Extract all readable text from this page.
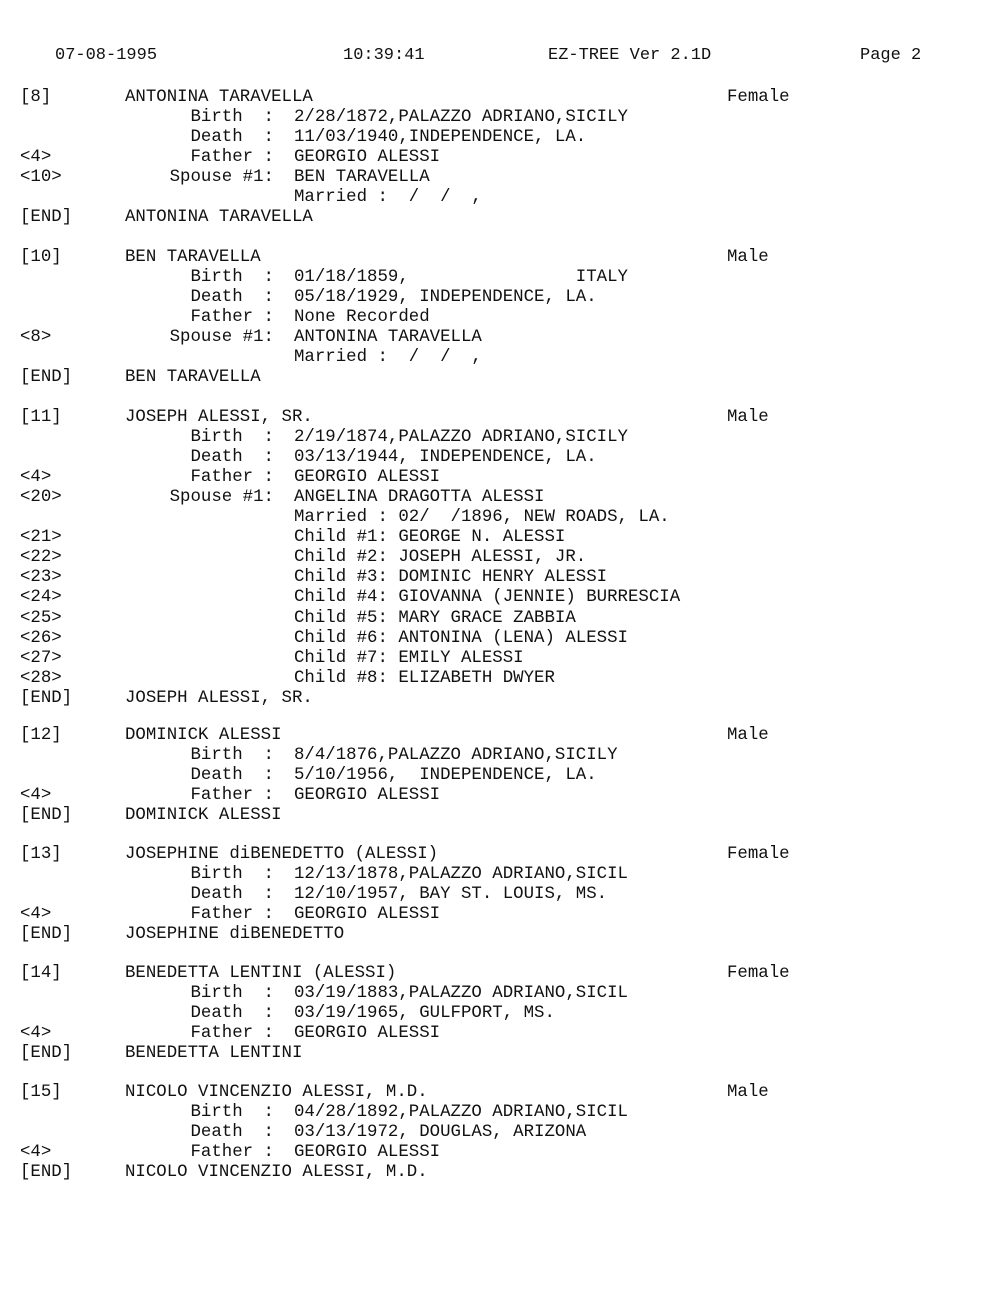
07-08-1995	10:39:41	EZ-TREE Ver 2.1D	Page 2
[8]	ANTONINA TARAVELLA	Female
Birth  : 2/28/1872,PALAZZO ADRIANO,SICILY
Death  : 11/03/1940,INDEPENDENCE, LA.
<4>	Father : GEORGIO ALESSI
<10>	Spouse #1: BEN TARAVELLA
Married :  /  /  ,
[END]	ANTONINA TARAVELLA
[10]	BEN TARAVELLA	Male
Birth  : 01/18/1859,                ITALY
Death  : 05/18/1929, INDEPENDENCE, LA.
Father : None Recorded
<8>	Spouse #1: ANTONINA TARAVELLA
Married :  /  /  ,
[END]	BEN TARAVELLA
[11]	JOSEPH ALESSI, SR.	Male
Birth  : 2/19/1874,PALAZZO ADRIANO,SICILY
Death  : 03/13/1944, INDEPENDENCE, LA.
<4>	Father : GEORGIO ALESSI
<20>	Spouse #1: ANGELINA DRAGOTTA ALESSI
Married : 02/  /1896, NEW ROADS, LA.
<21>	Child #1: GEORGE N. ALESSI
<22>	Child #2: JOSEPH ALESSI, JR.
<23>	Child #3: DOMINIC HENRY ALESSI
<24>	Child #4: GIOVANNA (JENNIE) BURRESCIA
<25>	Child #5: MARY GRACE ZABBIA
<26>	Child #6: ANTONINA (LENA) ALESSI
<27>	Child #7: EMILY ALESSI
<28>	Child #8: ELIZABETH DWYER
[END]	JOSEPH ALESSI, SR.
[12]	DOMINICK ALESSI	Male
Birth  : 8/4/1876,PALAZZO ADRIANO,SICILY
Death  : 5/10/1956,  INDEPENDENCE, LA.
<4>	Father : GEORGIO ALESSI
[END]	DOMINICK ALESSI
[13]	JOSEPHINE diBENEDETTO (ALESSI)	Female
Birth  : 12/13/1878,PALAZZO ADRIANO,SICIL
Death  : 12/10/1957, BAY ST. LOUIS, MS.
<4>	Father : GEORGIO ALESSI
[END]	JOSEPHINE diBENEDETTO
[14]	BENEDETTA LENTINI (ALESSI)	Female
Birth  : 03/19/1883,PALAZZO ADRIANO,SICIL
Death  : 03/19/1965, GULFPORT, MS.
<4>	Father : GEORGIO ALESSI
[END]	BENEDETTA LENTINI
[15]	NICOLO VINCENZIO ALESSI, M.D.	Male
Birth  : 04/28/1892,PALAZZO ADRIANO,SICIL
Death  : 03/13/1972, DOUGLAS, ARIZONA
<4>	Father : GEORGIO ALESSI
[END]	NICOLO VINCENZIO ALESSI, M.D.
